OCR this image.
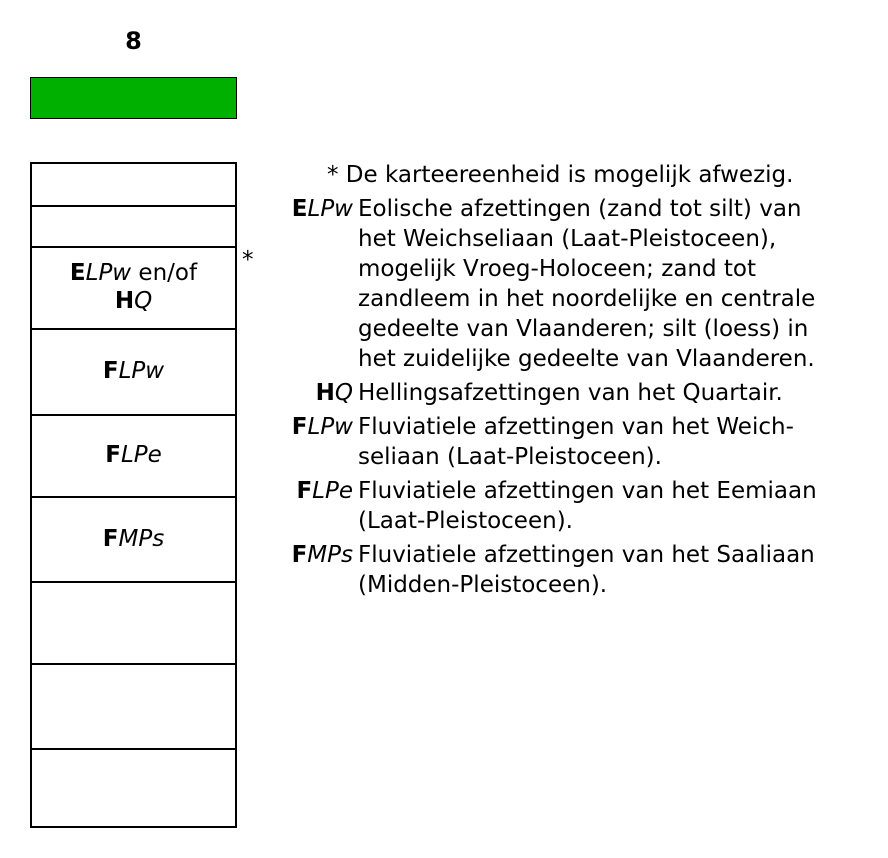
8
ELPw en/of
HQ
FLPw
FLPe
FMPs
*
* De karteereenheid is mogelijk afwezig.
ELPw Eolische afzettingen (zand tot silt) van
het Weichseliaan (Laat-Pleistoceen),
mogelijk Vroeg-Holoceen; zand tot
zandleem in het noordelijke en centrale
gedeelte van Vlaanderen; silt (loess) in
het zuidelijke gedeelte van Vlaanderen.
HQ Hellingsafzettingen van het Quartair.
FLPw Fluviatiele afzettingen van het Weich-
seliaan (Laat-Pleistoceen).
FLPe Fluviatiele afzettingen van het Eemiaan
(Laat-Pleistoceen).
FMPs Fluviatiele afzettingen van het Saaliaan
(Midden-Pleistoceen).
